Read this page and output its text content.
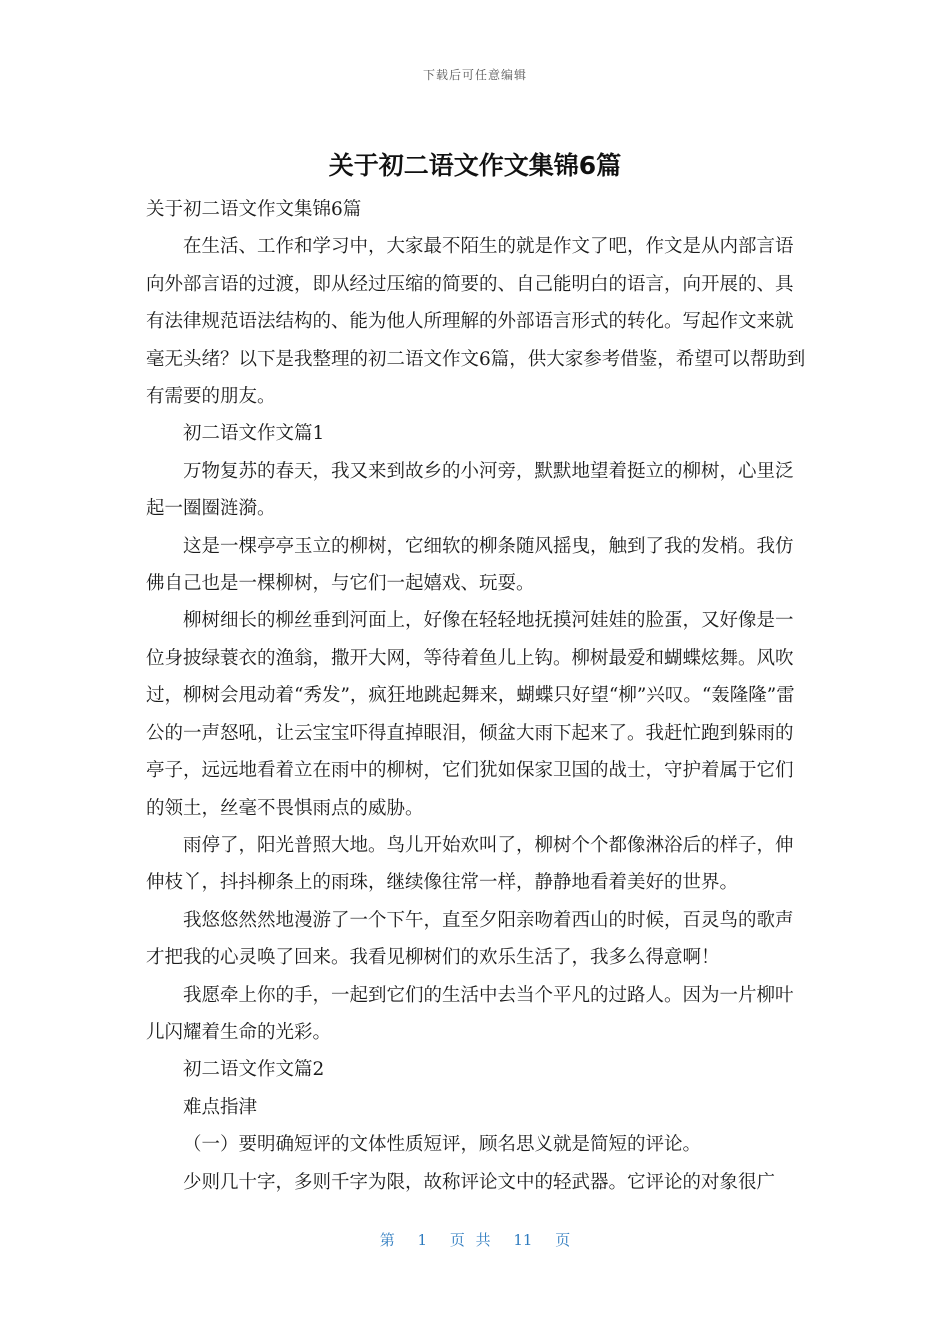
下载后可任意编辑
关于初二语文作文集锦6篇

关于初二语文作文集锦6篇

在生活、工作和学习中，大家最不陌生的就是作文了吧，作文是从内部言语向外部言语的过渡，即从经过压缩的简要的、自己能明白的语言，向开展的、具有法律规范语法结构的、能为他人所理解的外部语言形式的转化。写起作文来就毫无头绪？以下是我整理的初二语文作文6篇，供大家参考借鉴，希望可以帮助到有需要的朋友。

初二语文作文篇1

万物复苏的春天，我又来到故乡的小河旁，默默地望着挺立的柳树，心里泛起一圈圈涟漪。

这是一棵亭亭玉立的柳树，它细软的柳条随风摇曳，触到了我的发梢。我仿佛自己也是一棵柳树，与它们一起嬉戏、玩耍。

柳树细长的柳丝垂到河面上，好像在轻轻地抚摸河娃娃的脸蛋，又好像是一位身披绿蓑衣的渔翁，撒开大网，等待着鱼儿上钩。柳树最爱和蝴蝶炫舞。风吹过，柳树会甩动着“秀发”，疯狂地跳起舞来，蝴蝶只好望“柳”兴叹。“轰隆隆”雷公的一声怒吼，让云宝宝吓得直掉眼泪，倾盆大雨下起来了。我赶忙跑到躲雨的亭子，远远地看着立在雨中的柳树，它们犹如保家卫国的战士，守护着属于它们的领土，丝毫不畏惧雨点的威胁。

雨停了，阳光普照大地。鸟儿开始欢叫了，柳树个个都像淋浴后的样子，伸伸枝丫，抖抖柳条上的雨珠，继续像往常一样，静静地看着美好的世界。

我悠悠然然地漫游了一个下午，直至夕阳亲吻着西山的时候，百灵鸟的歌声才把我的心灵唤了回来。我看见柳树们的欢乐生活了，我多么得意啊！

我愿牵上你的手，一起到它们的生活中去当个平凡的过路人。因为一片柳叶儿闪耀着生命的光彩。

初二语文作文篇2

难点指津

（一）要明确短评的文体性质短评，顾名思义就是简短的评论。

少则几十字，多则千字为限，故称评论文中的轻武器。它评论的对象很广

第 1 页 共 11 页
